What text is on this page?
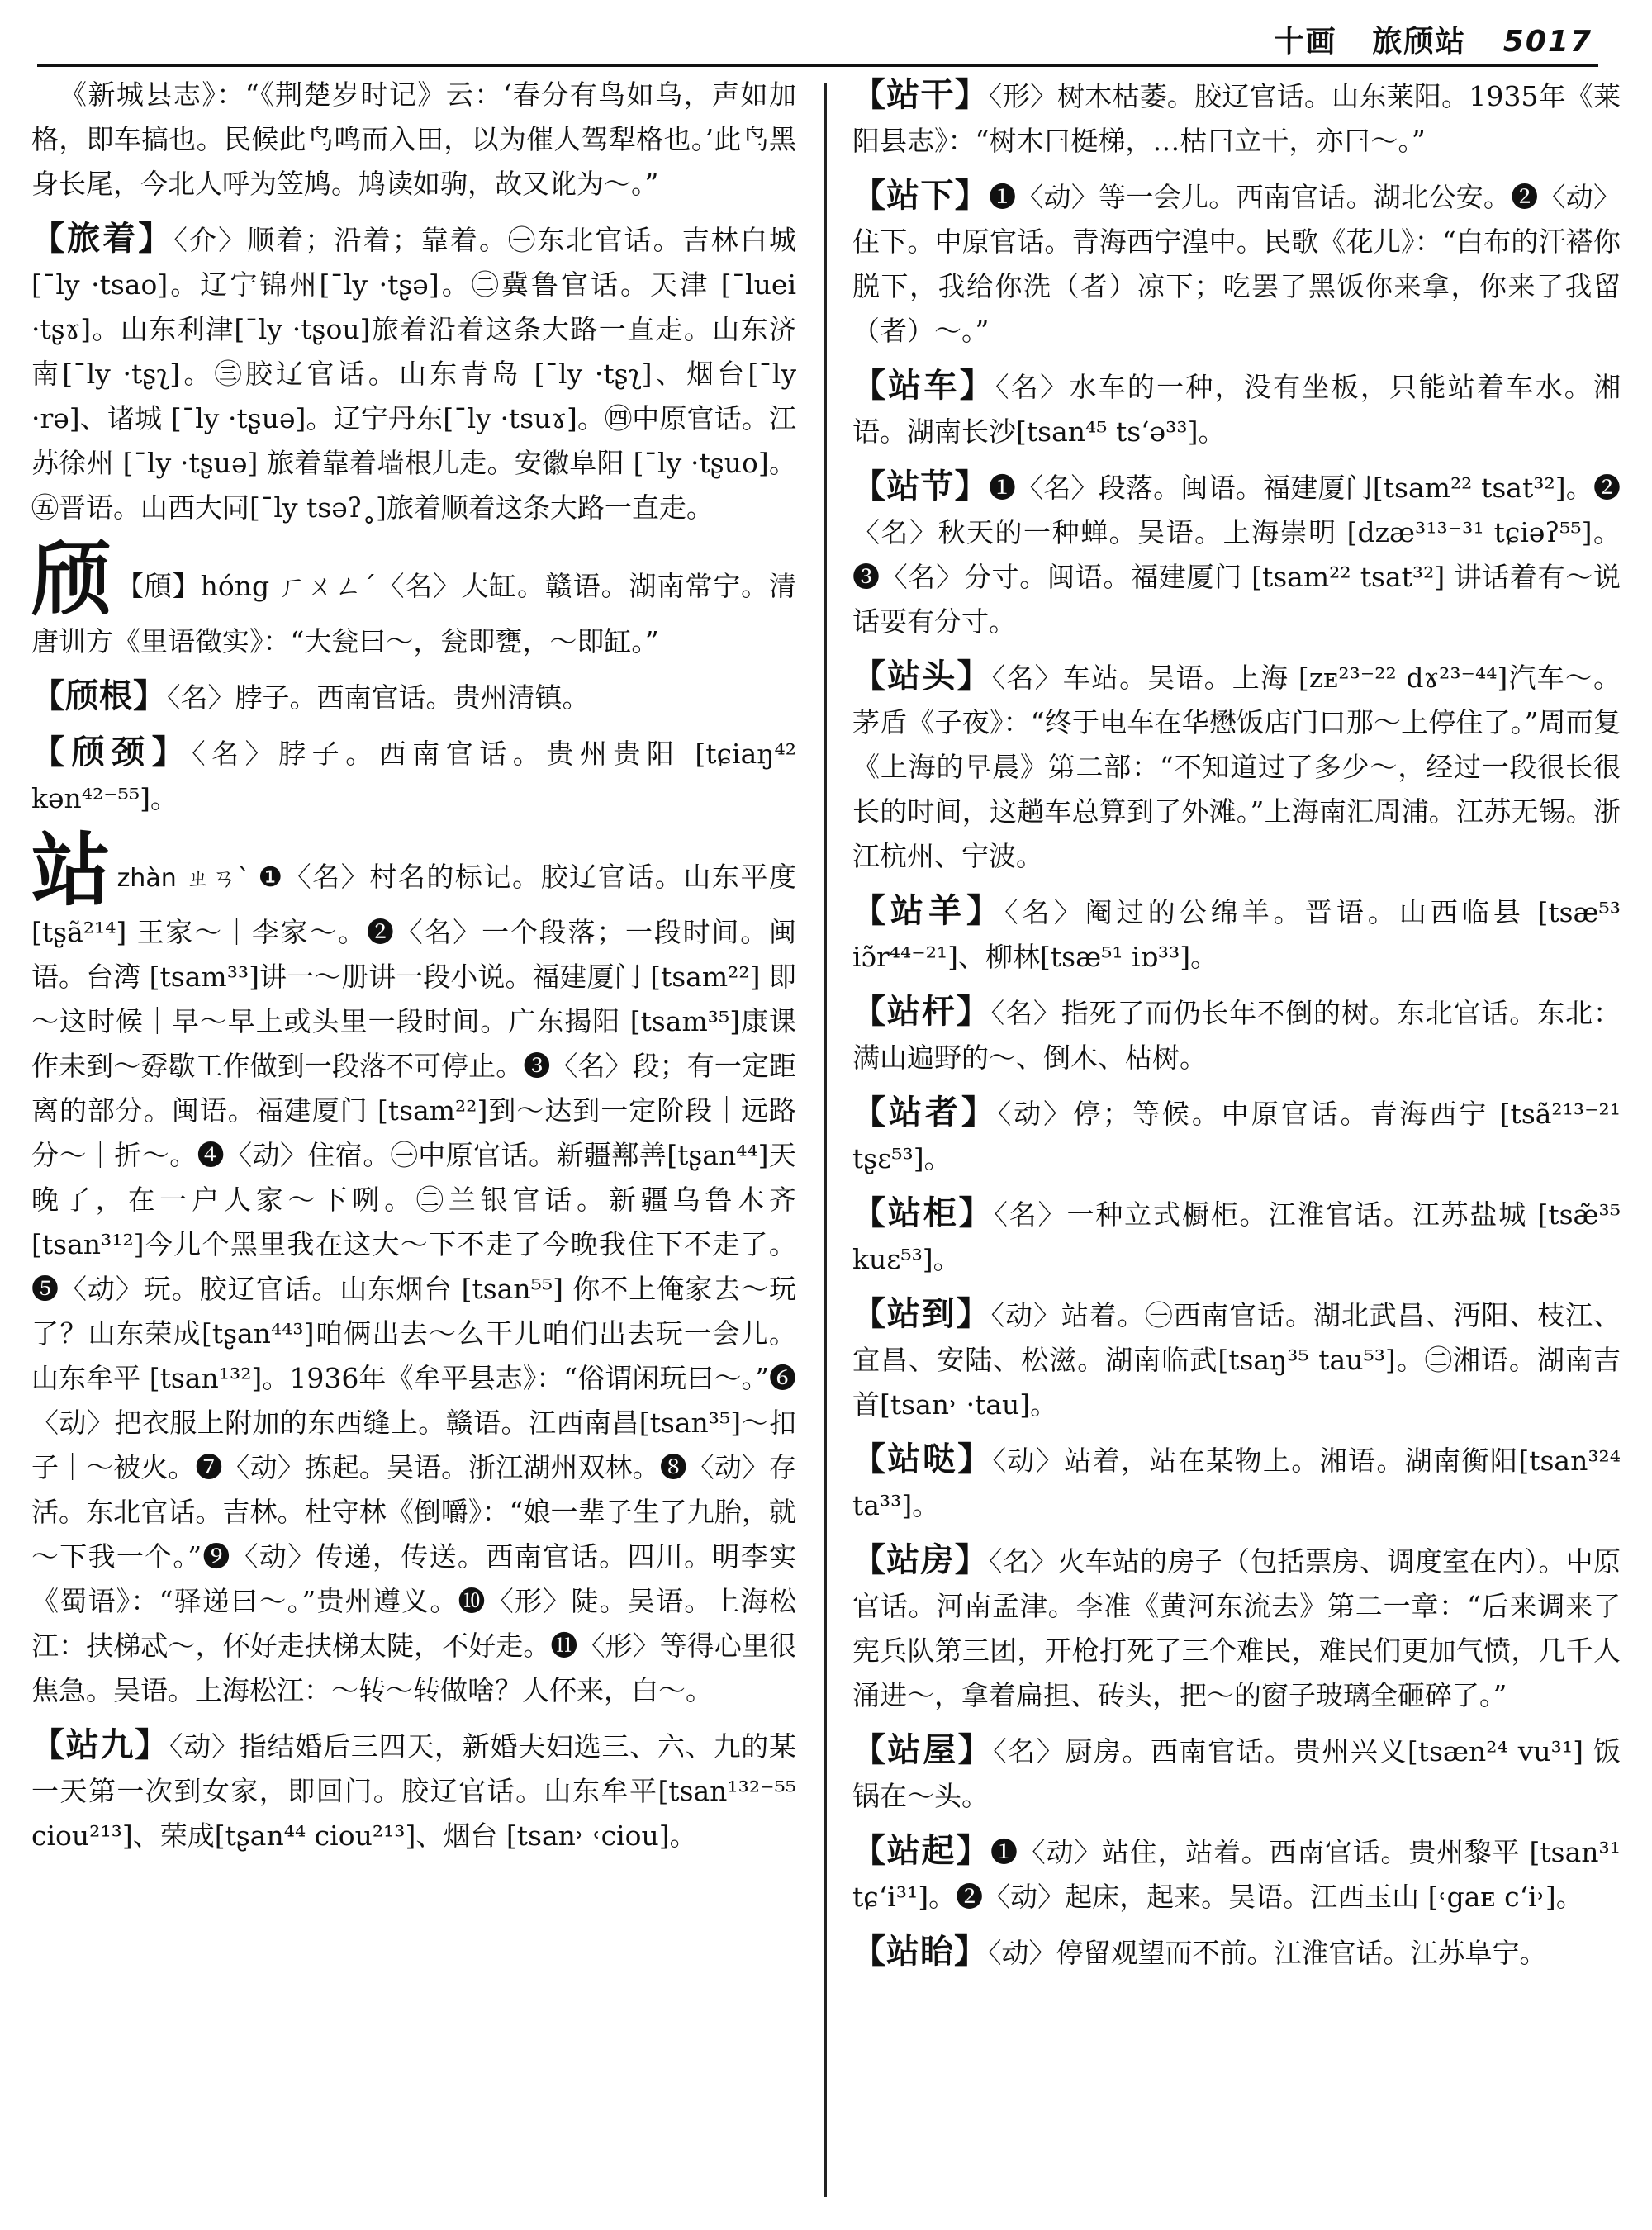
十画 旅颀站 5017

《新城县志》：“《荆楚岁时记》云：‘春分有鸟如乌，声如加格，即车搞也。民候此鸟鸣而入田，以为催人驾犁格也。’此鸟黑身长尾，今北人呼为笠鸠。鸠读如驹，故又讹为～。”

【旅着】〈介〉顺着；沿着；靠着。㊀东北官话。吉林白城[ˉly ·tsao]。辽宁锦州[ˉly ·tʂə]。㊁冀鲁官话。天津 [ˉluei ·tʂɤ]。山东利津[ˉly ·tʂou]旅着沿着这条大路一直走。山东济南[ˉly ·tʂʅ]。㊂胶辽官话。山东青岛 [ˉly ·tʂʅ]、烟台[ˉly ·rə]、诸城 [ˉly ·tʂuə]。辽宁丹东[ˉly ·tsuɤ]。㊃中原官话。江苏徐州 [ˉly ·tʂuə] 旅着靠着墙根儿走。安徽阜阳 [ˉly ·tʂuo]。㊄晋语。山西大同[ˉly tsəʔ˳]旅着顺着这条大路一直走。

颀 【頎】hóng ㄏㄨㄥˊ〈名〉大缸。赣语。湖南常宁。清唐训方《里语徵实》：“大瓮曰～，瓮即甕，～即缸。”

【颀根】〈名〉脖子。西南官话。贵州清镇。

【颀颈】〈名〉脖子。西南官话。贵州贵阳 [tɕiaŋ⁴² kən⁴²⁻⁵⁵]。

站zhàn ㄓㄢˋ ❶〈名〉村名的标记。胶辽官话。山东平度[tʂã²¹⁴] 王家～｜李家～。❷〈名〉一个段落；一段时间。闽语。台湾 [tsam³³]讲一～册讲一段小说。福建厦门 [tsam²²] 即～这时候｜早～早上或头里一段时间。广东揭阳 [tsam³⁵]康课作未到～孬歇工作做到一段落不可停止。❸〈名〉段；有一定距离的部分。闽语。福建厦门 [tsam²²]到～达到一定阶段｜远路分～｜折～。❹〈动〉住宿。㊀中原官话。新疆鄯善[tʂan⁴⁴]天晚了，在一户人家～下咧。㊁兰银官话。新疆乌鲁木齐[tsan³¹²]今儿个黑里我在这大～下不走了今晚我住下不走了。❺〈动〉玩。胶辽官话。山东烟台 [tsan⁵⁵] 你不上俺家去～玩了？山东荣成[tʂan⁴⁴³]咱俩出去～么干儿咱们出去玩一会儿。山东牟平 [tsan¹³²]。1936年《牟平县志》：“俗谓闲玩曰～。”❻〈动〉把衣服上附加的东西缝上。赣语。江西南昌[tsan³⁵]～扣子｜～被火。❼〈动〉拣起。吴语。浙江湖州双林。❽〈动〉存活。东北官话。吉林。杜守林《倒嚼》：“娘一辈子生了九胎，就～下我一个。”❾〈动〉传递，传送。西南官话。四川。明李实《蜀语》：“驿递曰～。”贵州遵义。❿〈形〉陡。吴语。上海松江：扶梯忒～，伓好走扶梯太陡，不好走。⓫〈形〉等得心里很焦急。吴语。上海松江：～转～转做啥？人伓来，白～。

【站九】〈动〉指结婚后三四天，新婚夫妇选三、六、九的某一天第一次到女家，即回门。胶辽官话。山东牟平[tsan¹³²⁻⁵⁵ ciou²¹³]、荣成[tʂan⁴⁴ ciou²¹³]、烟台 [tsan˒ ˓ciou]。

【站干】〈形〉树木枯萎。胶辽官话。山东莱阳。1935年《莱阳县志》：“树木曰梃梯，…枯曰立干，亦曰～。”

【站下】❶〈动〉等一会儿。西南官话。湖北公安。❷〈动〉住下。中原官话。青海西宁湟中。民歌《花儿》：“白布的汗褡你脱下，我给你洗（者）凉下；吃罢了黑饭你来拿，你来了我留（者）～。”

【站车】〈名〉水车的一种，没有坐板，只能站着车水。湘语。湖南长沙[tsan⁴⁵ ts‘ə³³]。

【站节】❶〈名〉段落。闽语。福建厦门[tsam²² tsat³²]。❷〈名〉秋天的一种蝉。吴语。上海崇明 [dzæ³¹³⁻³¹ tɕiəʔ⁵⁵]。❸〈名〉分寸。闽语。福建厦门 [tsam²² tsat³²] 讲话着有～说话要有分寸。

【站头】〈名〉车站。吴语。上海 [zᴇ²³⁻²² dɤ²³⁻⁴⁴]汽车～。茅盾《子夜》：“终于电车在华懋饭店门口那～上停住了。”周而复《上海的早晨》第二部：“不知道过了多少～，经过一段很长很长的时间，这趟车总算到了外滩。”上海南汇周浦。江苏无锡。浙江杭州、宁波。

【站羊】〈名〉阉过的公绵羊。晋语。山西临县 [tsæ⁵³ iɔ̃r⁴⁴⁻²¹]、柳林[tsæ⁵¹ iɒ³³]。

【站杆】〈名〉指死了而仍长年不倒的树。东北官话。东北：满山遍野的～、倒木、枯树。

【站者】〈动〉停；等候。中原官话。青海西宁 [tsã²¹³⁻²¹ tʂɛ⁵³]。

【站柜】〈名〉一种立式橱柜。江淮官话。江苏盐城 [tsæ̃³⁵ kuɛ⁵³]。

【站到】〈动〉站着。㊀西南官话。湖北武昌、沔阳、枝江、宜昌、安陆、松滋。湖南临武[tsaŋ³⁵ tau⁵³]。㊁湘语。湖南吉首[tsan˒ ·tau]。

【站哒】〈动〉站着，站在某物上。湘语。湖南衡阳[tsan³²⁴ ta³³]。

【站房】〈名〉火车站的房子（包括票房、调度室在内）。中原官话。河南孟津。李准《黄河东流去》第二一章：“后来调来了宪兵队第三团，开枪打死了三个难民，难民们更加气愤，几千人涌进～，拿着扁担、砖头，把～的窗子玻璃全砸碎了。”

【站屋】〈名〉厨房。西南官话。贵州兴义[tsæn²⁴ vu³¹] 饭锅在～头。

【站起】❶〈动〉站住，站着。西南官话。贵州黎平 [tsan³¹ tɕ‘i³¹]。❷〈动〉起床，起来。吴语。江西玉山 [˓gaᴇ c‘i˒]。

【站眙】〈动〉停留观望而不前。江淮官话。江苏阜宁。
